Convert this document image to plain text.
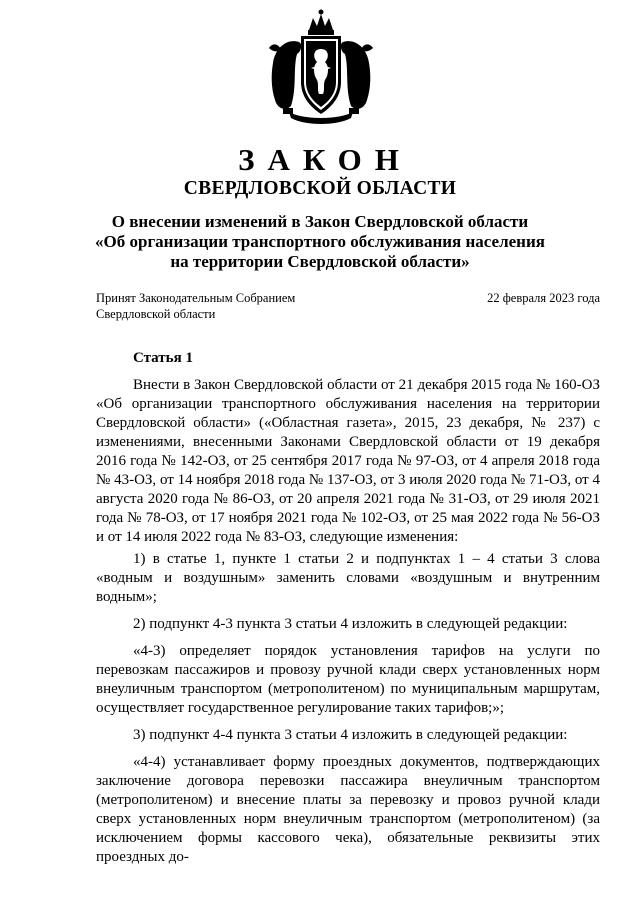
ЗАКОН
СВЕРДЛОВСКОЙ ОБЛАСТИ
О внесении изменений в Закон Свердловской области
«Об организации транспортного обслуживания населения
на территории Свердловской области»
Принят Законодательным Собранием
Свердловской области
22 февраля 2023 года
Статья 1

Внести в Закон Свердловской области от 21 декабря 2015 года № 160-ОЗ «Об организации транспортного обслуживания населения на территории Свердловской области» («Областная газета», 2015, 23 декабря, № 237) с изменениями, внесенными Законами Свердловской области от 19 декабря 2016 года № 142-ОЗ, от 25 сентября 2017 года № 97-ОЗ, от 4 апреля 2018 года № 43-ОЗ, от 14 ноября 2018 года № 137-ОЗ, от 3 июля 2020 года № 71-ОЗ, от 4 августа 2020 года № 86-ОЗ, от 20 апреля 2021 года № 31-ОЗ, от 29 июля 2021 года № 78-ОЗ, от 17 ноября 2021 года № 102-ОЗ, от 25 мая 2022 года № 56-ОЗ и от 14 июля 2022 года № 83-ОЗ, следующие изменения:

1) в статье 1, пункте 1 статьи 2 и подпунктах 1 – 4 статьи 3 слова «водным и воздушным» заменить словами «воздушным и внутренним водным»;

2) подпункт 4-3 пункта 3 статьи 4 изложить в следующей редакции:

«4-3) определяет порядок установления тарифов на услуги по перевозкам пассажиров и провозу ручной клади сверх установленных норм внеуличным транспортом (метрополитеном) по муниципальным маршрутам, осуществляет государственное регулирование таких тарифов;»;

3) подпункт 4-4 пункта 3 статьи 4 изложить в следующей редакции:

«4-4) устанавливает форму проездных документов, подтверждающих заключение договора перевозки пассажира внеуличным транспортом (метрополитеном) и внесение платы за перевозку и провоз ручной клади сверх установленных норм внеуличным транспортом (метрополитеном) (за исключением формы кассового чека), обязательные реквизиты этих проездных до-
